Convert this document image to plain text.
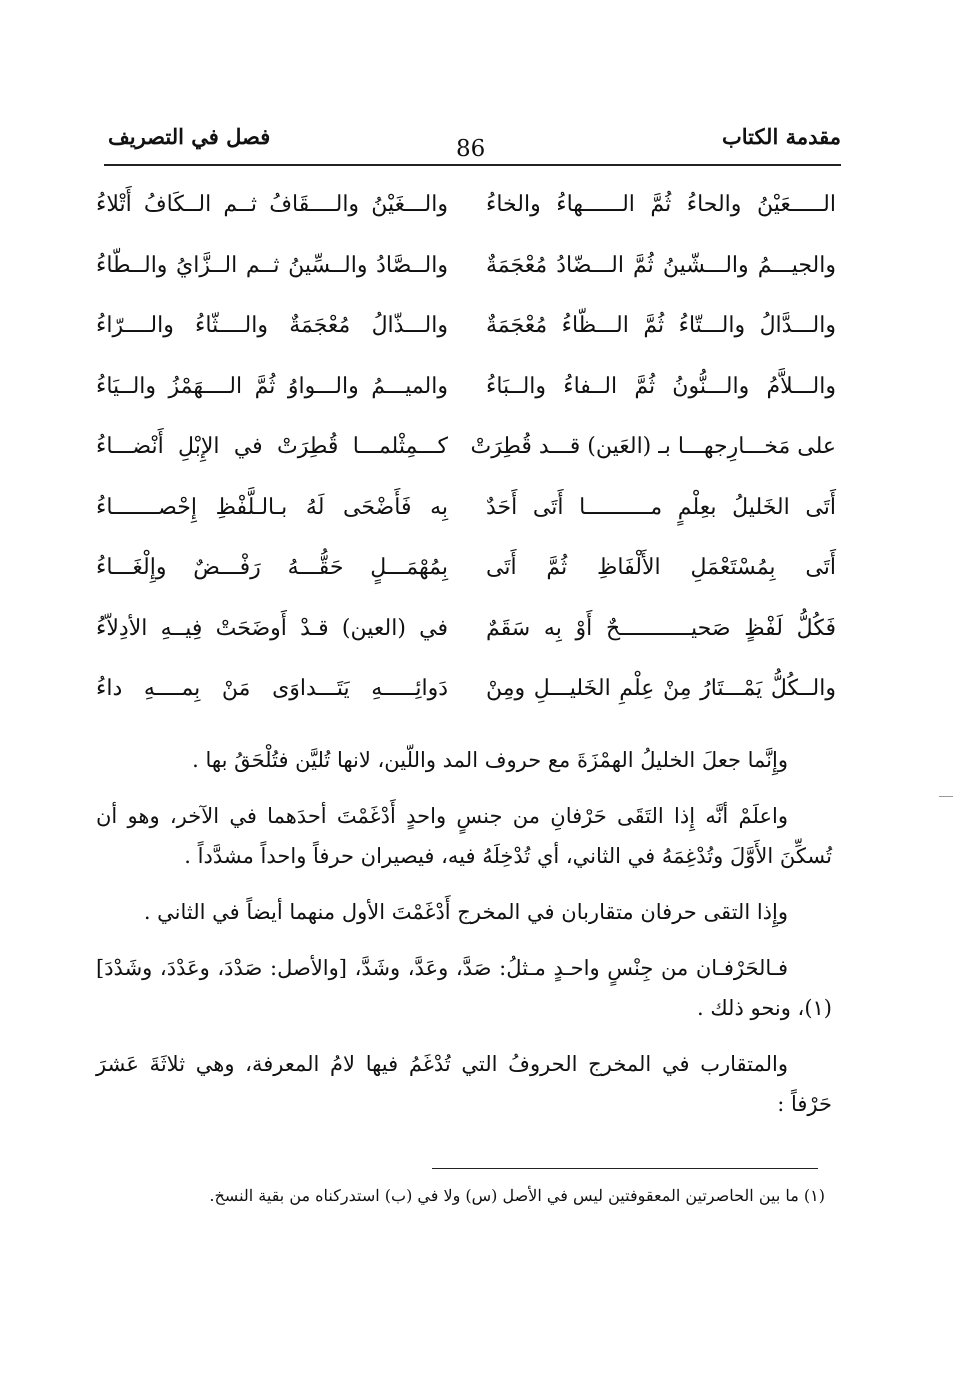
مقدمة الكتاب
86
فصل في التصريف
الـــــعَيْنُ والحاءُ ثُمَّ الــــــهاءُ والخاءُ
والـــغَيْنُ والــــقَافُ ثــم الــكَافُ أَتْلاءُ
والجيـــمُ والـــشّينُ ثُمَّ الـــضّادُ مُعْجَمَةٌ
والــصَّادُ والــسِّينُ ثــم الــزَّايُ والــطّاءُ
والـــدَّالُ والـــتّاءُ ثُمَّ الـــظّاءُ مُعْجَمَةٌ
والـــذّالُ مُعْجَمَةٌ والــــثّاءُ والــــرّاءُ
والـــلاَّمُ والـــنُّونُ ثُمَّ الــفاءُ والــبَاءُ
والميـــمُ والـــواوُ ثُمَّ الــــهَمْزُ والــيَاءُ
على مَخـــارِجهـــا بـ (العَين) قـــد قُطِرَتْ
كـــمِثْلمـــا قُطِرَتْ في الإِبْلِ أَنْضـــاءُ
أَتَى الخَليلُ بعِلْمٍ مــــــــــا أَتَى أَحَدٌ
بِه فَأَضْحَى لَهُ بـالـلَّفْظِ إِحْصـــــــاءُ
أَتَى بِمُسْتَعْمَلِ الأَلْفَاظِ ثُمَّ أَتَى
بِمُهْمَـــلٍ حَقُّـــهُ رَفْـــضٌ وإِلْغَـــاءُ
فَكُلُّ لَفْظٍ صَحيـــــــــــحٌ أَوْ بِه سَقَمٌ
في (العين) قـدْ أَوضَحَتْ فِيــهِ الأدِلاّءُ
والــكُلُّ يَمْـــتَارُ مِنْ عِلْمِ الخَليـــلِ ومِنْ
دَوائِـــــهِ يَتَـــداوَى مَنْ بِمــــهِ داءُ

وإِنَّما جعلَ الخليلُ الهمْزَةَ مع حروف المد واللّين، لانها تُليَّن فتُلْحَقُ بها .

واعلَمْ أنَّه إِذا التَقَى حَرْفانِ من جنسٍ واحدٍ أَدْغَمْتَ أحدَهما في الآخر، وهو أن تُسكِّنَ الأَوَّلَ وتُدْغِمَهُ في الثاني، أي تُدْخِلَهُ فيه، فيصيران حرفاً واحداً مشدَّداً .

وإِذا التقى حرفان متقاربان في المخرج أَدْغَمْتَ الأول منهما أيضاً في الثاني .

فـالحَرْفـان من جِنْسٍ واحـدٍ مـثلُ: صَدَّ، وعَدَّ، وشَدَّ، [والأصل: صَدْدَ، وعَدْدَ، وشَدْدَ](١)، ونحو ذلك .

والمتقارب في المخرج الحروفُ التي تُدْغَمُ فيها لامُ المعرفة، وهي ثلاثَةَ عَشرَ حَرْفاً :

(١) ما بين الحاصرتين المعقوفتين ليس في الأصل (س) ولا في (ب) استدركناه من بقية النسخ.
